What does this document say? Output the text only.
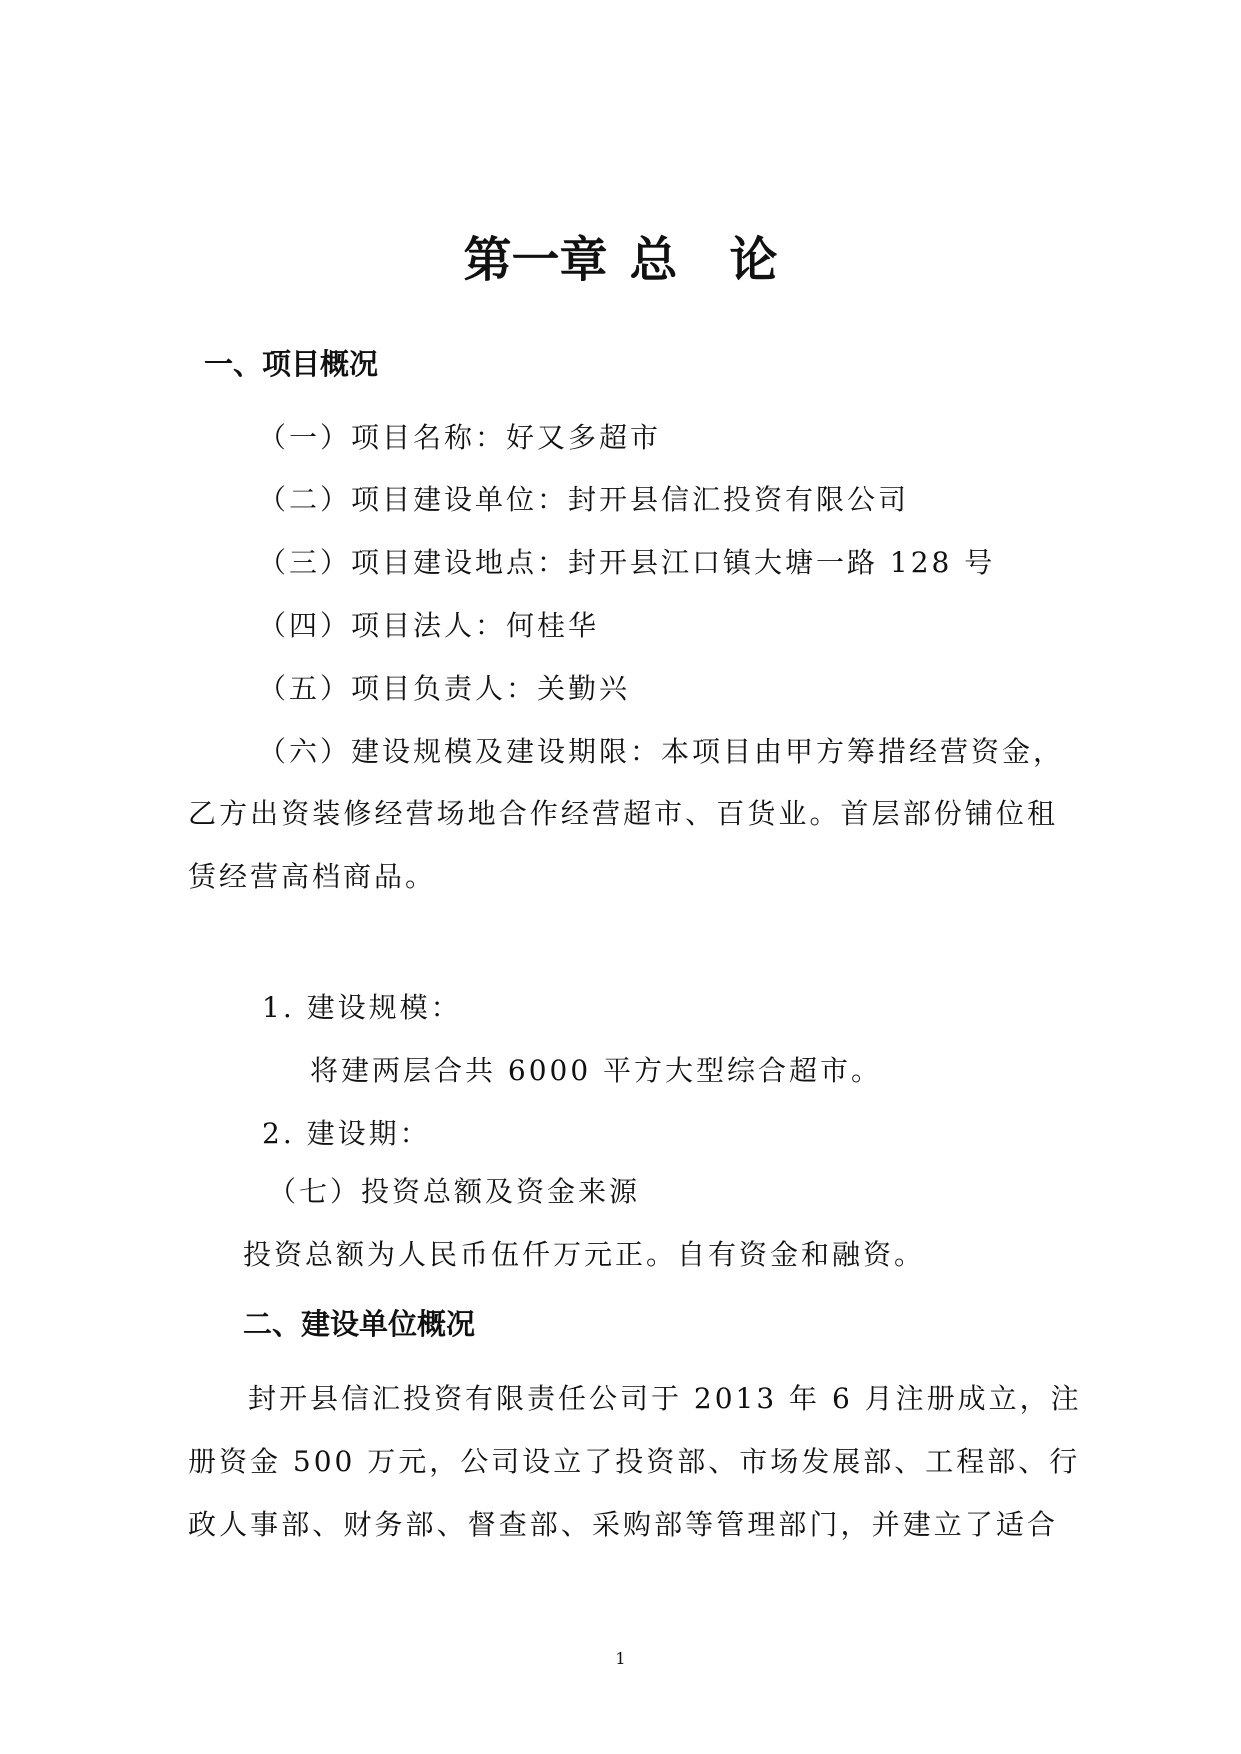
第一章 总 论

一、项目概况

（一）项目名称：好又多超市

（二）项目建设单位：封开县信汇投资有限公司

（三）项目建设地点：封开县江口镇大塘一路 128 号

（四）项目法人：何桂华

（五）项目负责人：关勤兴

（六）建设规模及建设期限：本项目由甲方筹措经营资金，

乙方出资装修经营场地合作经营超市、百货业。首层部份铺位租

赁经营高档商品。

1. 建设规模：

将建两层合共 6000 平方大型综合超市。

2. 建设期：

（七）投资总额及资金来源

投资总额为人民币伍仟万元正。自有资金和融资。

二、建设单位概况

封开县信汇投资有限责任公司于 2013 年 6 月注册成立，注

册资金 500 万元，公司设立了投资部、市场发展部、工程部、行

政人事部、财务部、督查部、采购部等管理部门，并建立了适合

1
